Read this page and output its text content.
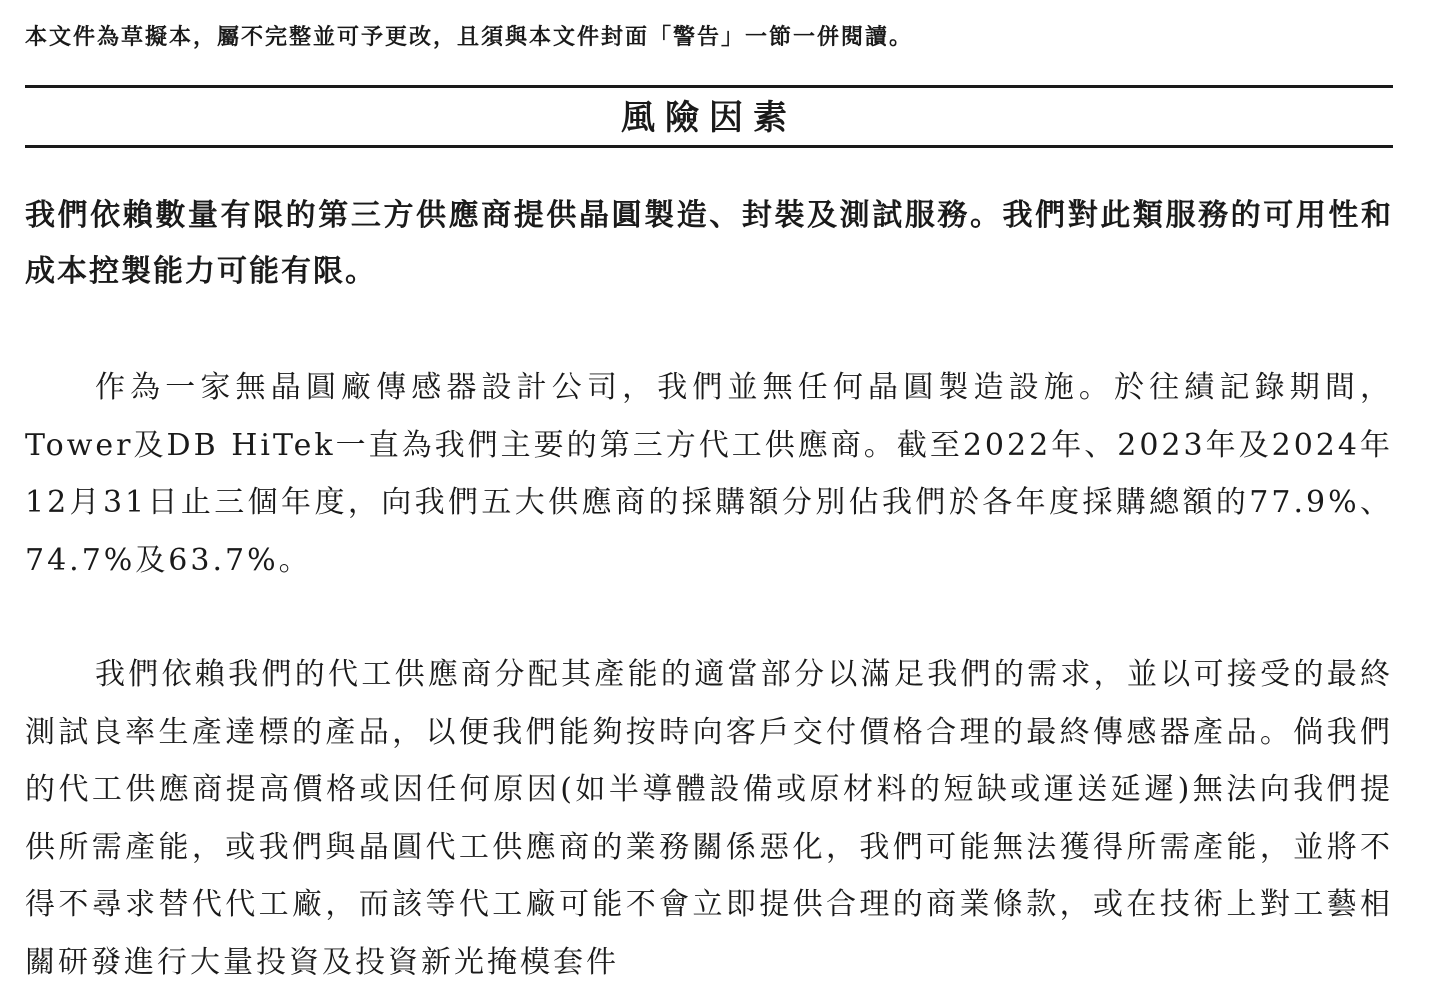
本文件為草擬本，屬不完整並可予更改，且須與本文件封面「警告」一節一併閱讀。
風險因素
我們依賴數量有限的第三方供應商提供晶圓製造、封裝及測試服務。我們對此類服務的可用性和成本控製能力可能有限。
作為一家無晶圓廠傳感器設計公司，我們並無任何晶圓製造設施。於往績記錄期間，Tower及DB HiTek一直為我們主要的第三方代工供應商。截至2022年、2023年及2024年12月31日止三個年度，向我們五大供應商的採購額分別佔我們於各年度採購總額的77.9%、74.7%及63.7%。
我們依賴我們的代工供應商分配其產能的適當部分以滿足我們的需求，並以可接受的最終測試良率生產達標的產品，以便我們能夠按時向客戶交付價格合理的最終傳感器產品。倘我們的代工供應商提高價格或因任何原因(如半導體設備或原材料的短缺或運送延遲)無法向我們提供所需產能，或我們與晶圓代工供應商的業務關係惡化，我們可能無法獲得所需產能，並將不得不尋求替代代工廠，而該等代工廠可能不會立即提供合理的商業條款，或在技術上對工藝相關研發進行大量投資及投資新光掩模套件
